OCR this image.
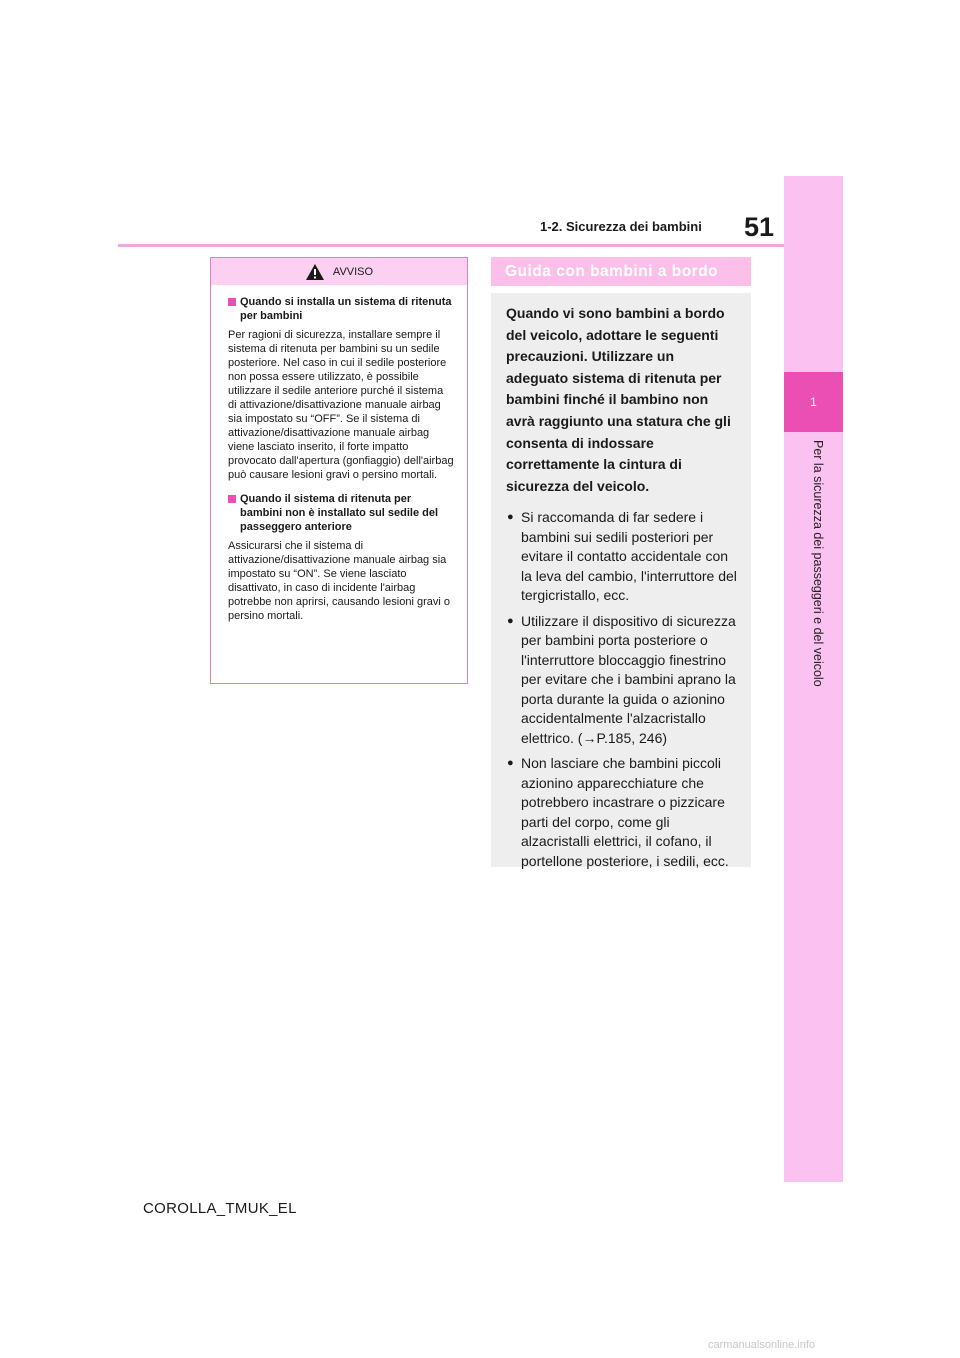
51
1-2. Sicurezza dei bambini
1
Per la sicurezza dei passeggeri e del veicolo
AVVISO
Quando si installa un sistema di ritenuta per bambini

Per ragioni di sicurezza, installare sempre il sistema di ritenuta per bambini su un sedile posteriore. Nel caso in cui il sedile posteriore non possa essere utilizzato, è possibile utilizzare il sedile anteriore purché il sistema di attivazione/disattivazione manuale airbag sia impostato su “OFF”. Se il sistema di attivazione/disattivazione manuale airbag viene lasciato inserito, il forte impatto provocato dall'apertura (gonfiaggio) dell'airbag può causare lesioni gravi o persino mortali.

Quando il sistema di ritenuta per bambini non è installato sul sedile del passeggero anteriore

Assicurarsi che il sistema di attivazione/disattivazione manuale airbag sia impostato su “ON”. Se viene lasciato disattivato, in caso di incidente l'airbag potrebbe non aprirsi, causando lesioni gravi o persino mortali.

Guida con bambini a bordo

Quando vi sono bambini a bordo del veicolo, adottare le seguenti precauzioni. Utilizzare un adeguato sistema di ritenuta per bambini finché il bambino non avrà raggiunto una statura che gli consenta di indossare correttamente la cintura di sicurezza del veicolo.

● Si raccomanda di far sedere i bambini sui sedili posteriori per evitare il contatto accidentale con la leva del cambio, l'interruttore del tergicristallo, ecc.
● Utilizzare il dispositivo di sicurezza per bambini porta posteriore o l'interruttore bloccaggio finestrino per evitare che i bambini aprano la porta durante la guida o azionino accidentalmente l'alzacristallo elettrico. (→P.185, 246)
● Non lasciare che bambini piccoli azionino apparecchiature che potrebbero incastrare o pizzicare parti del corpo, come gli alzacristalli elettrici, il cofano, il portellone posteriore, i sedili, ecc.
COROLLA_TMUK_EL
carmanualsonline.info
